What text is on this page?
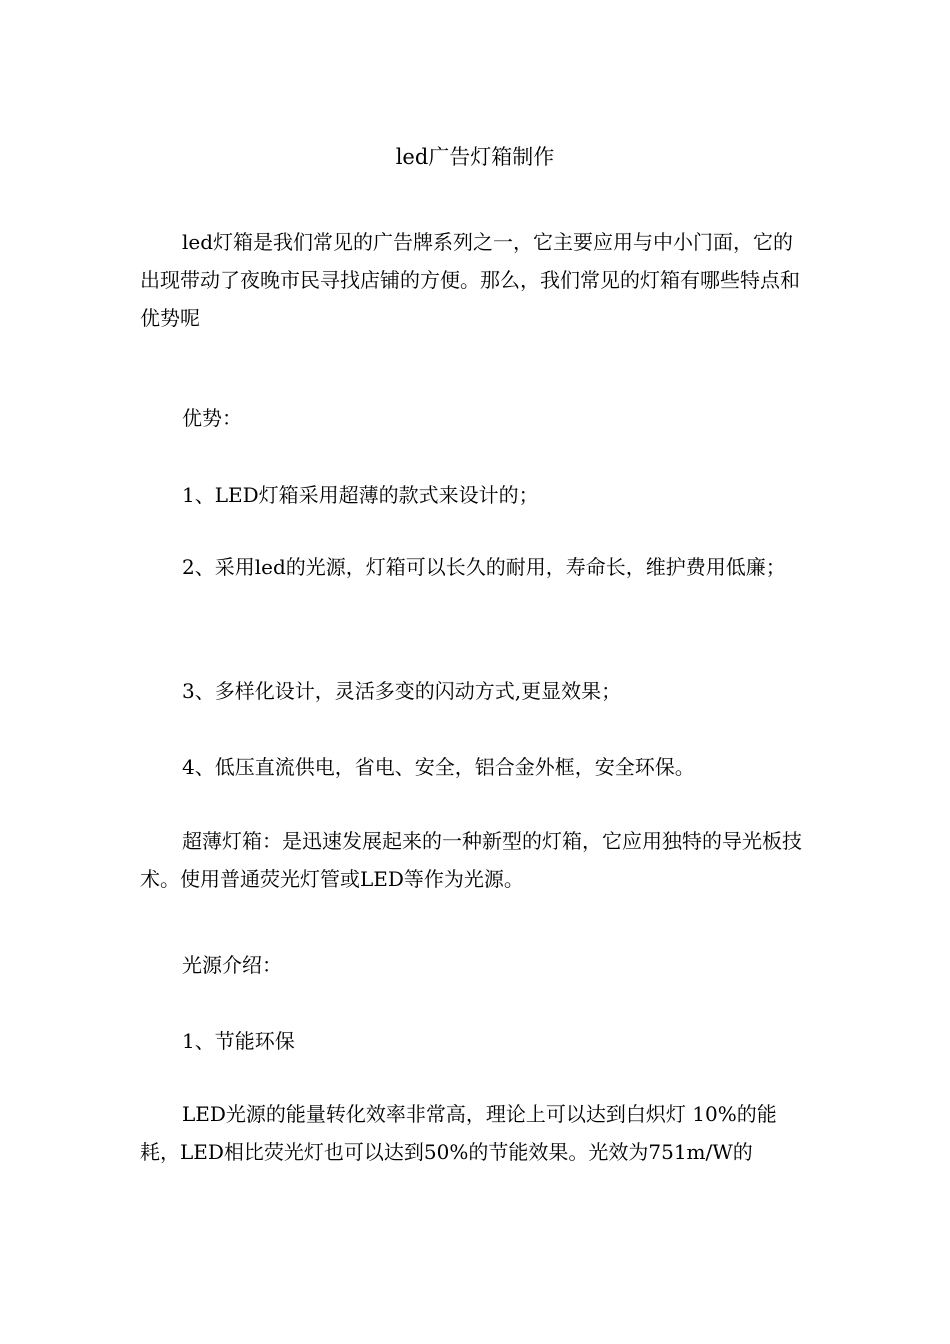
led广告灯箱制作

led灯箱是我们常见的广告牌系列之一，它主要应用与中小门面，它的出现带动了夜晚市民寻找店铺的方便。那么，我们常见的灯箱有哪些特点和优势呢

优势：

1、LED灯箱采用超薄的款式来设计的；

2、采用led的光源，灯箱可以长久的耐用，寿命长，维护费用低廉；

3、多样化设计，灵活多变的闪动方式,更显效果；

4、低压直流供电，省电、安全，铝合金外框，安全环保。

超薄灯箱：是迅速发展起来的一种新型的灯箱，它应用独特的导光板技术。使用普通荧光灯管或LED等作为光源。

光源介绍：

1、节能环保

LED光源的能量转化效率非常高，理论上可以达到白炽灯 10%的能耗，LED相比荧光灯也可以达到50%的节能效果。光效为751m/W的
